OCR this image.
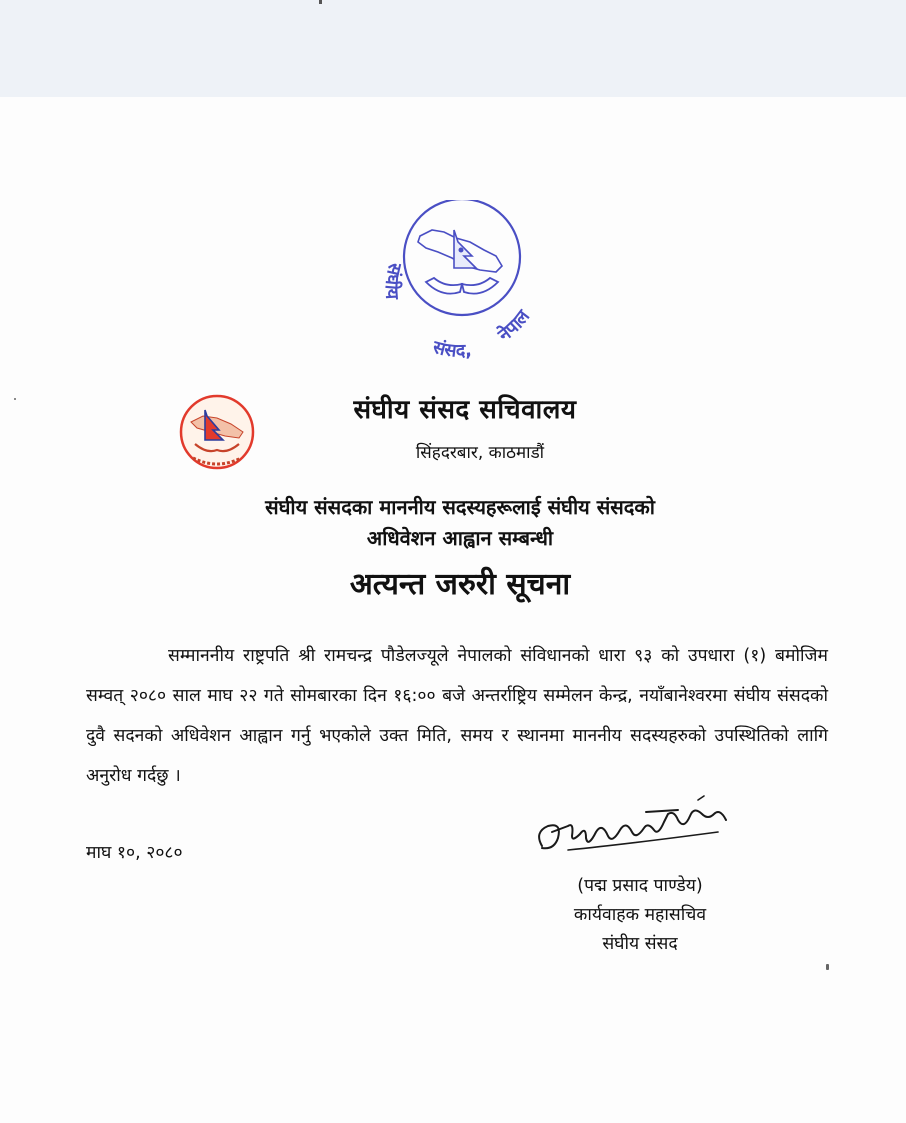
संघीय
संसद,
नेपाल
संघीय संसद सचिवालय
सिंहदरबार, काठमाडौं
संघीय संसदका माननीय सदस्यहरूलाई संघीय संसदको
अधिवेशन आह्वान सम्बन्धी
अत्यन्त जरुरी सूचना
सम्माननीय राष्ट्रपति श्री रामचन्द्र पौडेलज्यूले नेपालको संविधानको धारा ९३ को उपधारा (१) बमोजिम सम्वत् २०८० साल माघ २२ गते सोमबारका दिन १६:०० बजे अन्तर्राष्ट्रिय सम्मेलन केन्द्र, नयाँबानेश्वरमा संघीय संसदको दुवै सदनको अधिवेशन आह्वान गर्नु भएकोले उक्त मिति, समय र स्थानमा माननीय सदस्यहरुको उपस्थितिको लागि अनुरोध गर्दछु ।
माघ १०, २०८०
(पद्म प्रसाद पाण्डेय)
कार्यवाहक महासचिव
संघीय संसद
